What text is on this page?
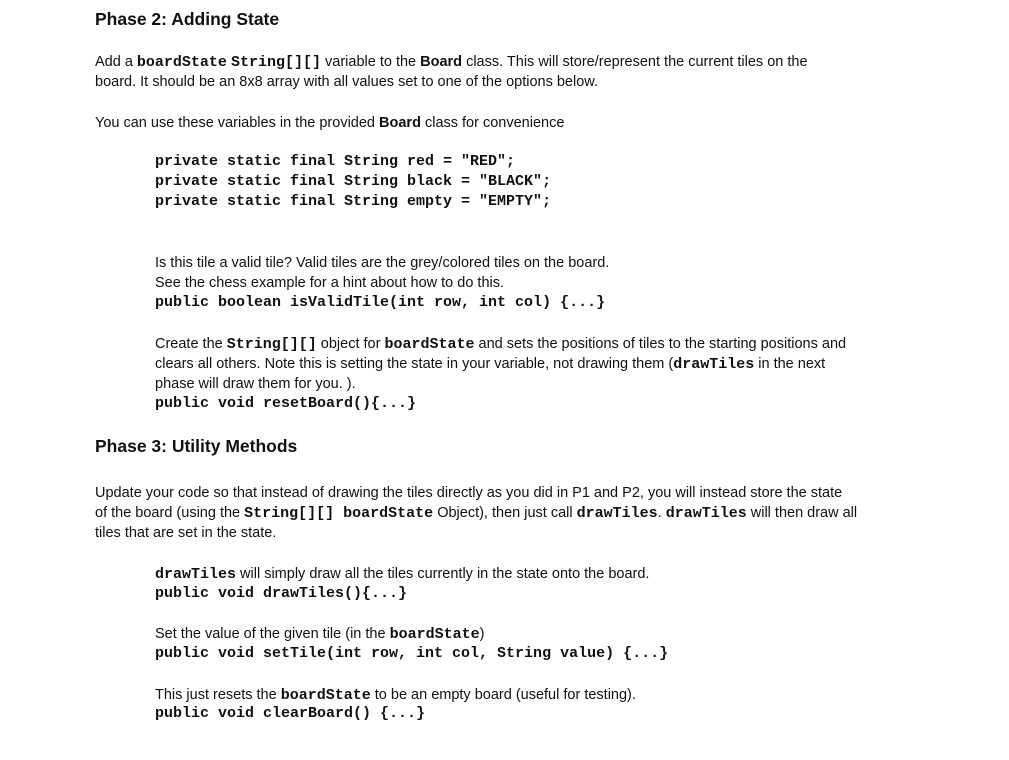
Phase 2: Adding State
Add a boardState String[][] variable to the Board class. This will store/represent the current tiles on the
board. It should be an 8x8 array with all values set to one of the options below.
You can use these variables in the provided Board class for convenience
private static final String red = "RED";
private static final String black = "BLACK";
private static final String empty = "EMPTY";
Is this tile a valid tile? Valid tiles are the grey/colored tiles on the board.
See the chess example for a hint about how to do this.
public boolean isValidTile(int row, int col) {...}
Create the String[][] object for boardState and sets the positions of tiles to the starting positions and
clears all others. Note this is setting the state in your variable, not drawing them (drawTiles in the next
phase will draw them for you. ).
public void resetBoard(){...}
Phase 3: Utility Methods
Update your code so that instead of drawing the tiles directly as you did in P1 and P2, you will instead store the state
of the board (using the String[][] boardState Object), then just call drawTiles. drawTiles will then draw all
tiles that are set in the state.
drawTiles will simply draw all the tiles currently in the state onto the board.
public void drawTiles(){...}
Set the value of the given tile (in the boardState)
public void setTile(int row, int col, String value) {...}
This just resets the boardState to be an empty board (useful for testing).
public void clearBoard() {...}
